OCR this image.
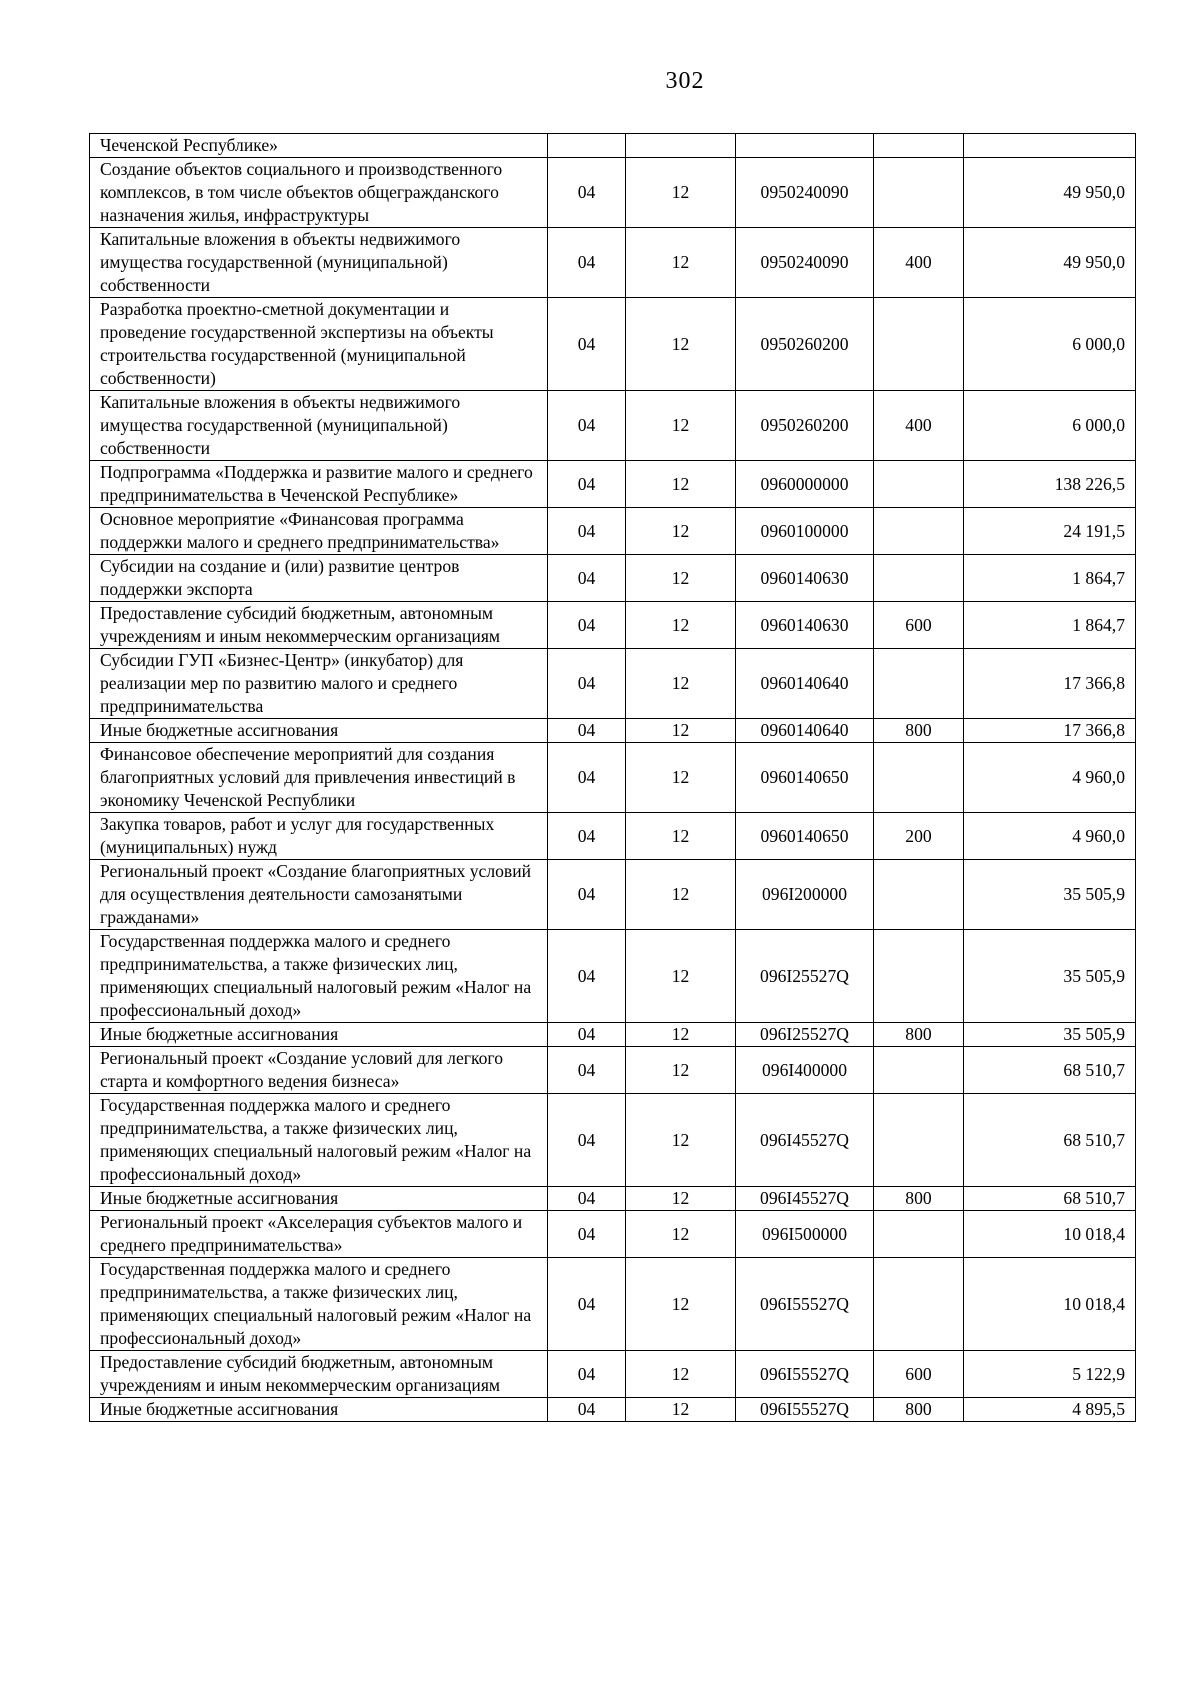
302
Чеченской Республике»					
Создание объектов социального и производственного комплексов, в том числе объектов общегражданского назначения жилья, инфраструктуры	04	12	0950240090		49 950,0
Капитальные вложения в объекты недвижимого имущества государственной (муниципальной) собственности	04	12	0950240090	400	49 950,0
Разработка проектно-сметной документации и проведение государственной экспертизы на объекты строительства государственной (муниципальной собственности)	04	12	0950260200		6 000,0
Капитальные вложения в объекты недвижимого имущества государственной (муниципальной) собственности	04	12	0950260200	400	6 000,0
Подпрограмма «Поддержка и развитие малого и среднего предпринимательства в Чеченской Республике»	04	12	0960000000		138 226,5
Основное мероприятие «Финансовая программа поддержки малого и среднего предпринимательства»	04	12	0960100000		24 191,5
Субсидии на создание и (или) развитие центров поддержки экспорта	04	12	0960140630		1 864,7
Предоставление субсидий бюджетным, автономным учреждениям и иным некоммерческим организациям	04	12	0960140630	600	1 864,7
Субсидии ГУП «Бизнес-Центр» (инкубатор) для реализации мер по развитию малого и среднего предпринимательства	04	12	0960140640		17 366,8
Иные бюджетные ассигнования	04	12	0960140640	800	17 366,8
Финансовое обеспечение мероприятий для создания благоприятных условий для привлечения инвестиций в экономику Чеченской Республики	04	12	0960140650		4 960,0
Закупка товаров, работ и услуг для государственных (муниципальных) нужд	04	12	0960140650	200	4 960,0
Региональный проект «Создание благоприятных условий для осуществления деятельности самозанятыми гражданами»	04	12	096I200000		35 505,9
Государственная поддержка малого и среднего предпринимательства, а также физических лиц, применяющих специальный налоговый режим «Налог на профессиональный доход»	04	12	096I25527Q		35 505,9
Иные бюджетные ассигнования	04	12	096I25527Q	800	35 505,9
Региональный проект «Создание условий для легкого старта и комфортного ведения бизнеса»	04	12	096I400000		68 510,7
Государственная поддержка малого и среднего предпринимательства, а также физических лиц, применяющих специальный налоговый режим «Налог на профессиональный доход»	04	12	096I45527Q		68 510,7
Иные бюджетные ассигнования	04	12	096I45527Q	800	68 510,7
Региональный проект «Акселерация субъектов малого и среднего предпринимательства»	04	12	096I500000		10 018,4
Государственная поддержка малого и среднего предпринимательства, а также физических лиц, применяющих специальный налоговый режим «Налог на профессиональный доход»	04	12	096I55527Q		10 018,4
Предоставление субсидий бюджетным, автономным учреждениям и иным некоммерческим организациям	04	12	096I55527Q	600	5 122,9
Иные бюджетные ассигнования	04	12	096I55527Q	800	4 895,5
